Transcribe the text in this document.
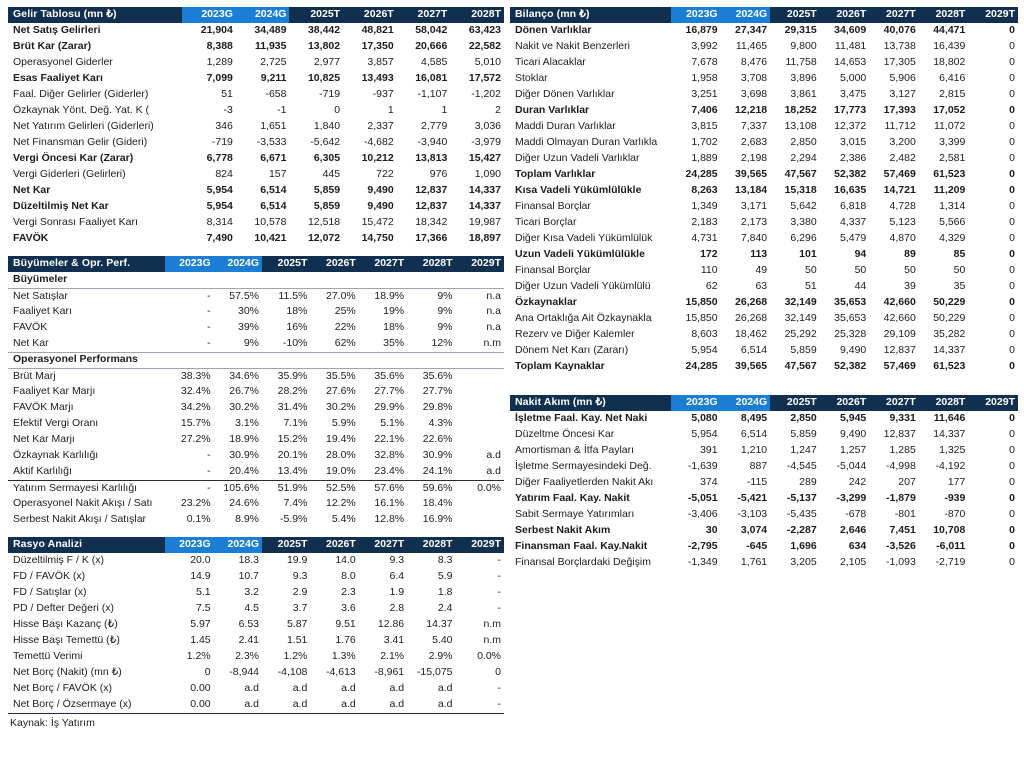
Gelir Tablosu (mn ₺)	2023G	2024G	2025T	2026T	2027T	2028T
Net Satış Gelirleri	21,904	34,489	38,442	48,821	58,042	63,423
Brüt Kar (Zarar)	8,388	11,935	13,802	17,350	20,666	22,582
Operasyonel Giderler	1,289	2,725	2,977	3,857	4,585	5,010
Esas Faaliyet Karı	7,099	9,211	10,825	13,493	16,081	17,572
Faal. Diğer Gelirler (Giderler)	51	-658	-719	-937	-1,107	-1,202
Özkaynak Yönt. Değ. Yat. K (	-3	-1	0	1	1	2
Net Yatırım Gelirleri (Giderleri)	346	1,651	1,840	2,337	2,779	3,036
Net Finansman Gelir (Gideri)	-719	-3,533	-5,642	-4,682	-3,940	-3,979
Vergi Öncesi Kar (Zarar)	6,778	6,671	6,305	10,212	13,813	15,427
Vergi Giderleri (Gelirleri)	824	157	445	722	976	1,090
Net Kar	5,954	6,514	5,859	9,490	12,837	14,337
Düzeltilmiş Net Kar	5,954	6,514	5,859	9,490	12,837	14,337
Vergi Sonrası Faaliyet Karı	8,314	10,578	12,518	15,472	18,342	19,987
FAVÖK	7,490	10,421	12,072	14,750	17,366	18,897
Büyümeler & Opr. Perf.	2023G	2024G	2025T	2026T	2027T	2028T	2029T
Büyümeler							
Net Satışlar	-	57.5%	11.5%	27.0%	18.9%	9%	n.a
Faaliyet Karı	-	30%	18%	25%	19%	9%	n.a
FAVÖK	-	39%	16%	22%	18%	9%	n.a
Net Kar	-	9%	-10%	62%	35%	12%	n.m
Operasyonel Performans							
Brüt Marj	38.3%	34.6%	35.9%	35.5%	35.6%	35.6%	
Faaliyet Kar Marjı	32.4%	26.7%	28.2%	27.6%	27.7%	27.7%	
FAVÖK Marjı	34.2%	30.2%	31.4%	30.2%	29.9%	29.8%	
Efektif Vergi Oranı	15.7%	3.1%	7.1%	5.9%	5.1%	4.3%	
Net Kar Marjı	27.2%	18.9%	15.2%	19.4%	22.1%	22.6%	
Özkaynak Karlılığı	-	30.9%	20.1%	28.0%	32.8%	30.9%	a.d
Aktif Karlılığı	-	20.4%	13.4%	19.0%	23.4%	24.1%	a.d
Yatırım Sermayesi Karlılığı	-	105.6%	51.9%	52.5%	57.6%	59.6%	0.0%
Operasyonel Nakit Akışı / Satı	23.2%	24.6%	7.4%	12.2%	16.1%	18.4%	
Serbest Nakit Akışı / Satışlar	0.1%	8.9%	-5.9%	5.4%	12.8%	16.9%	
Rasyo Analizi	2023G	2024G	2025T	2026T	2027T	2028T	2029T
Düzeltilmiş F / K (x)	20.0	18.3	19.9	14.0	9.3	8.3	-
FD / FAVÖK (x)	14.9	10.7	9.3	8.0	6.4	5.9	-
FD / Satışlar (x)	5.1	3.2	2.9	2.3	1.9	1.8	-
PD / Defter Değeri (x)	7.5	4.5	3.7	3.6	2.8	2.4	-
Hisse Başı Kazanç (₺)	5.97	6.53	5.87	9.51	12.86	14.37	n.m
Hisse Başı Temettü (₺)	1.45	2.41	1.51	1.76	3.41	5.40	n.m
Temettü Verimi	1.2%	2.3%	1.2%	1.3%	2.1%	2.9%	0.0%
Net Borç (Nakit) (mn ₺)	0	-8,944	-4,108	-4,613	-8,961	-15,075	0
Net Borç / FAVÖK (x)	0.00	a.d	a.d	a.d	a.d	a.d	-
Net Borç / Özsermaye (x)	0.00	a.d	a.d	a.d	a.d	a.d	-
Kaynak: İş Yatırım
Bilanço (mn ₺)	2023G	2024G	2025T	2026T	2027T	2028T	2029T
Dönen Varlıklar	16,879	27,347	29,315	34,609	40,076	44,471	0
Nakit ve Nakit Benzerleri	3,992	11,465	9,800	11,481	13,738	16,439	0
Ticari Alacaklar	7,678	8,476	11,758	14,653	17,305	18,802	0
Stoklar	1,958	3,708	3,896	5,000	5,906	6,416	0
Diğer Dönen Varlıklar	3,251	3,698	3,861	3,475	3,127	2,815	0
Duran Varlıklar	7,406	12,218	18,252	17,773	17,393	17,052	0
Maddi Duran Varlıklar	3,815	7,337	13,108	12,372	11,712	11,072	0
Maddi Olmayan Duran Varlıkla	1,702	2,683	2,850	3,015	3,200	3,399	0
Diğer Uzun Vadeli Varlıklar	1,889	2,198	2,294	2,386	2,482	2,581	0
Toplam Varlıklar	24,285	39,565	47,567	52,382	57,469	61,523	0
Kısa Vadeli Yükümlülükle	8,263	13,184	15,318	16,635	14,721	11,209	0
Finansal Borçlar	1,349	3,171	5,642	6,818	4,728	1,314	0
Ticari Borçlar	2,183	2,173	3,380	4,337	5,123	5,566	0
Diğer Kısa Vadeli Yükümlülük	4,731	7,840	6,296	5,479	4,870	4,329	0
Uzun Vadeli Yükümlülükle	172	113	101	94	89	85	0
Finansal Borçlar	110	49	50	50	50	50	0
Diğer Uzun Vadeli Yükümlülü	62	63	51	44	39	35	0
Özkaynaklar	15,850	26,268	32,149	35,653	42,660	50,229	0
Ana Ortaklığa Ait Özkaynakla	15,850	26,268	32,149	35,653	42,660	50,229	0
Rezerv ve Diğer Kalemler	8,603	18,462	25,292	25,328	29,109	35,282	0
Dönem Net Karı (Zararı)	5,954	6,514	5,859	9,490	12,837	14,337	0
Toplam Kaynaklar	24,285	39,565	47,567	52,382	57,469	61,523	0
Nakit Akım (mn ₺)	2023G	2024G	2025T	2026T	2027T	2028T	2029T
İşletme Faal. Kay. Net Naki	5,080	8,495	2,850	5,945	9,331	11,646	0
Düzeltme Öncesi Kar	5,954	6,514	5,859	9,490	12,837	14,337	0
Amortisman & İtfa Payları	391	1,210	1,247	1,257	1,285	1,325	0
İşletme Sermayesindeki Değ.	-1,639	887	-4,545	-5,044	-4,998	-4,192	0
Diğer Faaliyetlerden Nakit Akı	374	-115	289	242	207	177	0
Yatırım Faal. Kay. Nakit	-5,051	-5,421	-5,137	-3,299	-1,879	-939	0
Sabit Sermaye Yatırımları	-3,406	-3,103	-5,435	-678	-801	-870	0
Serbest Nakit Akım	30	3,074	-2,287	2,646	7,451	10,708	0
Finansman Faal. Kay.Nakit	-2,795	-645	1,696	634	-3,526	-6,011	0
Finansal Borçlardaki Değişim	-1,349	1,761	3,205	2,105	-1,093	-2,719	0
